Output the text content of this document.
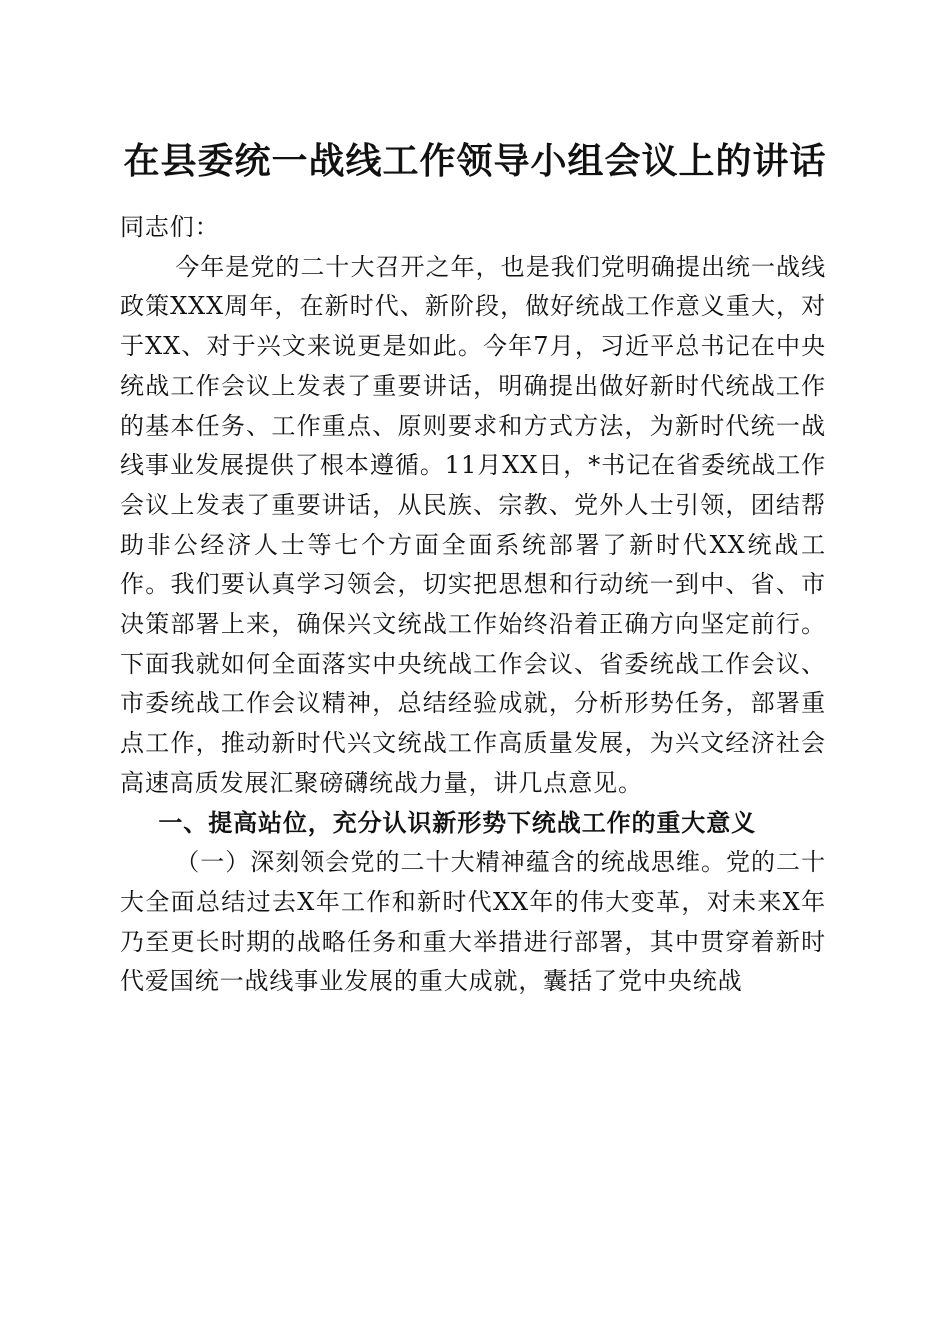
在县委统一战线工作领导小组会议上的讲话

同志们：

今年是党的二十大召开之年，也是我们党明确提出统一战线政策XXX周年，在新时代、新阶段，做好统战工作意义重大，对于XX、对于兴文来说更是如此。今年7月，习近平总书记在中央统战工作会议上发表了重要讲话，明确提出做好新时代统战工作的基本任务、工作重点、原则要求和方式方法，为新时代统一战线事业发展提供了根本遵循。11月XX日，*书记在省委统战工作会议上发表了重要讲话，从民族、宗教、党外人士引领，团结帮助非公经济人士等七个方面全面系统部署了新时代XX统战工作。我们要认真学习领会，切实把思想和行动统一到中、省、市决策部署上来，确保兴文统战工作始终沿着正确方向坚定前行。下面我就如何全面落实中央统战工作会议、省委统战工作会议、市委统战工作会议精神，总结经验成就，分析形势任务，部署重点工作，推动新时代兴文统战工作高质量发展，为兴文经济社会高速高质发展汇聚磅礴统战力量，讲几点意见。

一、提高站位，充分认识新形势下统战工作的重大意义

（一）深刻领会党的二十大精神蕴含的统战思维。党的二十大全面总结过去X年工作和新时代XX年的伟大变革，对未来X年乃至更长时期的战略任务和重大举措进行部署，其中贯穿着新时代爱国统一战线事业发展的重大成就，囊括了党中央统战
